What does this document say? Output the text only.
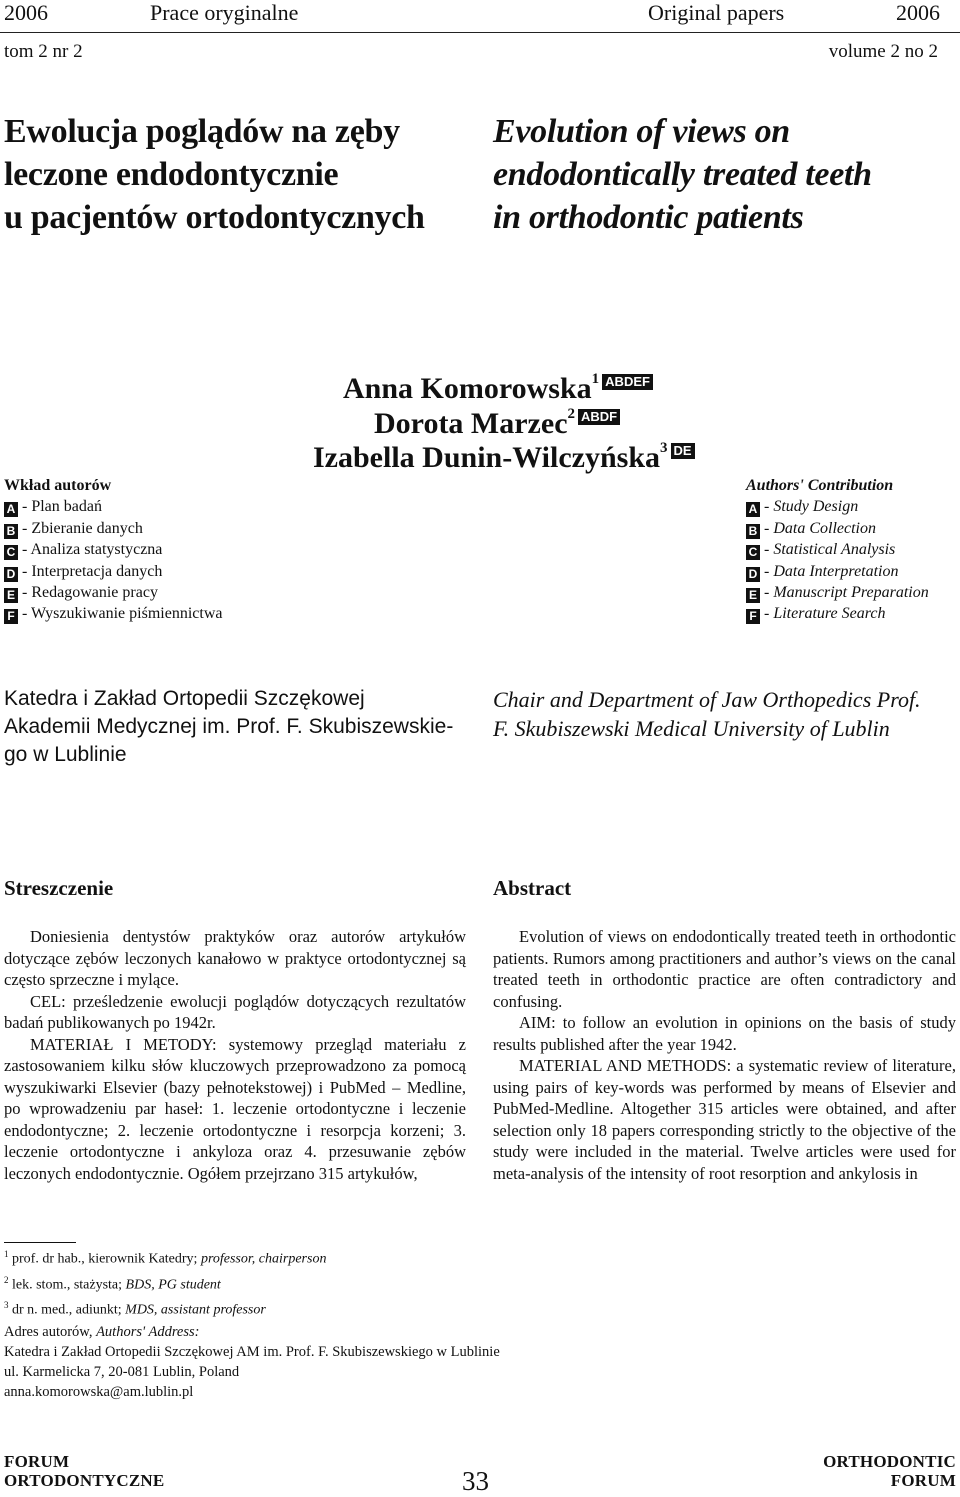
2006	Prace oryginalne	Original papers	2006
tom 2 nr 2	volume 2 no 2
Ewolucja poglądów na zęby
leczone endodontycznie
u pacjentów ortodontycznych
Evolution of views on
endodontically treated teeth
in orthodontic patients
Anna Komorowska$^1$ ABDEF
Dorota Marzec$^2$ ABDF
Izabella Dunin-Wilczyńska$^3$ DE
Wkład autorów
A - Plan badań
B - Zbieranie danych
C - Analiza statystyczna
D - Interpretacja danych
E - Redagowanie pracy
F - Wyszukiwanie piśmiennictwa
Authors' Contribution
A - Study Design
B - Data Collection
C - Statistical Analysis
D - Data Interpretation
E - Manuscript Preparation
F - Literature Search
Katedra i Zakład Ortopedii Szczękowej
Akademii Medycznej im. Prof. F. Skubiszewskie-
go w Lublinie
Chair and Department of Jaw Orthopedics Prof.
F. Skubiszewski Medical University of Lublin
Streszczenie	Abstract

Doniesienia dentystów praktyków oraz autorów artykułów dotyczące zębów leczonych kanałowo w praktyce ortodontycznej są często sprzeczne i mylące.

CEL: prześledzenie ewolucji poglądów dotyczących rezultatów badań publikowanych po 1942r.

MATERIAŁ I METODY: systemowy przegląd materiału z zastosowaniem kilku słów kluczowych przeprowadzono za pomocą wyszukiwarki Elsevier (bazy pełnotekstowej) i PubMed – Medline, po wprowadzeniu par haseł: 1. leczenie ortodontyczne i leczenie endodontyczne; 2. leczenie ortodontyczne i resorpcja korzeni; 3. leczenie ortodontyczne i ankyloza oraz 4. przesuwanie zębów leczonych endodontycznie. Ogółem przejrzano 315 artykułów,

Evolution of views on endodontically treated teeth in orthodontic patients. Rumors among practitioners and author’s views on the canal treated teeth in orthodontic practice are often contradictory and confusing.

AIM: to follow an evolution in opinions on the basis of study results published after the year 1942.

MATERIAL AND METHODS: a systematic review of literature, using pairs of key-words was performed by means of Elsevier and PubMed-Medline. Altogether 315 articles were obtained, and after selection only 18 papers corresponding strictly to the objective of the study were included in the material. Twelve articles were used for meta-analysis of the intensity of root resorption and ankylosis in

$^1$ prof. dr hab., kierownik Katedry; professor, chairperson
$^2$ lek. stom., stażysta; BDS, PG student
$^3$ dr n. med., adiunkt; MDS, assistant professor
Adres autorów, Authors' Address:
Katedra i Zakład Ortopedii Szczękowej AM im. Prof. F. Skubiszewskiego w Lublinie
ul. Karmelicka 7, 20-081 Lublin, Poland
anna.komorowska@am.lublin.pl
FORUM
ORTODONTYCZNE	33
ORTHODONTIC
FORUM
